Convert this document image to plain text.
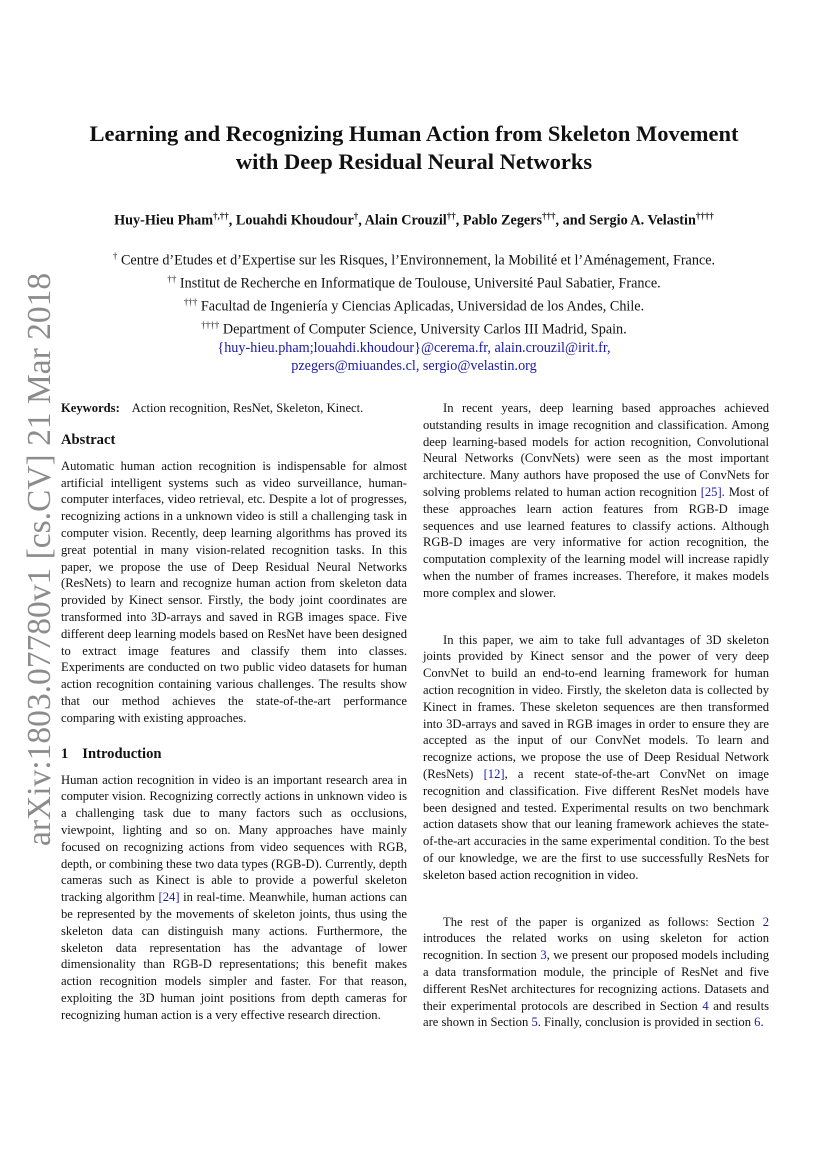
arXiv:1803.07780v1 [cs.CV] 21 Mar 2018
Learning and Recognizing Human Action from Skeleton Movement
with Deep Residual Neural Networks
Huy-Hieu Pham†,††, Louahdi Khoudour†, Alain Crouzil††, Pablo Zegers†††, and Sergio A. Velastin††††
† Centre d’Etudes et d’Expertise sur les Risques, l’Environnement, la Mobilité et l’Aménagement, France.
†† Institut de Recherche en Informatique de Toulouse, Université Paul Sabatier, France.
††† Facultad de Ingeniería y Ciencias Aplicadas, Universidad de los Andes, Chile.
†††† Department of Computer Science, University Carlos III Madrid, Spain.
{huy-hieu.pham;louahdi.khoudour}@cerema.fr, alain.crouzil@irit.fr,
pzegers@miuandes.cl, sergio@velastin.org
Keywords: Action recognition, ResNet, Skeleton, Kinect.
Abstract

Automatic human action recognition is indispensable for almost artificial intelligent systems such as video surveillance, human-computer interfaces, video retrieval, etc. Despite a lot of progresses, recognizing actions in a unknown video is still a challenging task in computer vision. Recently, deep learning algorithms has proved its great potential in many vision-related recognition tasks. In this paper, we propose the use of Deep Residual Neural Networks (ResNets) to learn and recognize human action from skeleton data provided by Kinect sensor. Firstly, the body joint coordinates are transformed into 3D-arrays and saved in RGB images space. Five different deep learning models based on ResNet have been designed to extract image features and classify them into classes. Experiments are conducted on two public video datasets for human action recognition containing various challenges. The results show that our method achieves the state-of-the-art performance comparing with existing approaches.

1 Introduction

Human action recognition in video is an important research area in computer vision. Recognizing correctly actions in unknown video is a challenging task due to many factors such as occlusions, viewpoint, lighting and so on. Many approaches have mainly focused on recognizing actions from video sequences with RGB, depth, or combining these two data types (RGB-D). Currently, depth cameras such as Kinect is able to provide a powerful skeleton tracking algorithm [24] in real-time. Meanwhile, human actions can be represented by the movements of skeleton joints, thus using the skeleton data can distinguish many actions. Furthermore, the skeleton data representation has the advantage of lower dimensionality than RGB-D representations; this benefit makes action recognition models simpler and faster. For that reason, exploiting the 3D human joint positions from depth cameras for recognizing human action is a very effective research direction.

In recent years, deep learning based approaches achieved outstanding results in image recognition and classification. Among deep learning-based models for action recognition, Convolutional Neural Networks (ConvNets) were seen as the most important architecture. Many authors have proposed the use of ConvNets for solving problems related to human action recognition [25]. Most of these approaches learn action features from RGB-D image sequences and use learned features to classify actions. Although RGB-D images are very informative for action recognition, the computation complexity of the learning model will increase rapidly when the number of frames increases. Therefore, it makes models more complex and slower.

In this paper, we aim to take full advantages of 3D skeleton joints provided by Kinect sensor and the power of very deep ConvNet to build an end-to-end learning framework for human action recognition in video. Firstly, the skeleton data is collected by Kinect in frames. These skeleton sequences are then transformed into 3D-arrays and saved in RGB images in order to ensure they are accepted as the input of our ConvNet models. To learn and recognize actions, we propose the use of Deep Residual Network (ResNets) [12], a recent state-of-the-art ConvNet on image recognition and classification. Five different ResNet models have been designed and tested. Experimental results on two benchmark action datasets show that our leaning framework achieves the state-of-the-art accuracies in the same experimental condition. To the best of our knowledge, we are the first to use successfully ResNets for skeleton based action recognition in video.

The rest of the paper is organized as follows: Section 2 introduces the related works on using skeleton for action recognition. In section 3, we present our proposed models including a data transformation module, the principle of ResNet and five different ResNet architectures for recognizing actions. Datasets and their experimental protocols are described in Section 4 and results are shown in Section 5. Finally, conclusion is provided in section 6.
